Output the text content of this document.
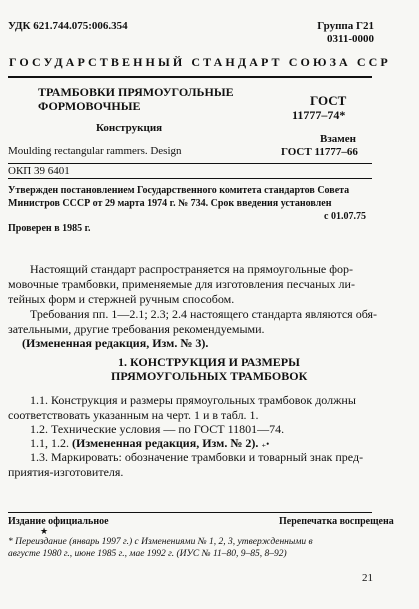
УДК 621.744.075:006.354	Группа Г21
0311-0000
ГОСУДАРСТВЕННЫЙ СТАНДАРТ СОЮЗА ССР
ТРАМБОВКИ ПРЯМОУГОЛЬНЫЕ
ФОРМОВОЧНЫЕ	ГОСТ
11777–74*
Конструкция
Взамен
ГОСТ 11777–66
Moulding rectangular rammers. Design
ОКП 39 6401
Утвержден постановлением Государственного комитета стандартов Совета
Министров СССР от 29 марта 1974 г. № 734. Срок введения установлен
с 01.07.75
Проверен в 1985 г.
Настоящий стандарт распространяется на прямоугольные фор-
мовочные трамбовки, применяемые для изготовления песчаных ли-
тейных форм и стержней ручным способом.
Требования пп. 1—2.1; 2.3; 2.4 настоящего стандарта являются обя-
зательными, другие требования рекомендуемыми.
(Измененная редакция, Изм. № 3).
1. КОНСТРУКЦИЯ И РАЗМЕРЫ
ПРЯМОУГОЛЬНЫХ ТРАМБОВОК
1.1. Конструкция и размеры прямоугольных трамбовок должны
соответствовать указанным на черт. 1 и в табл. 1.
1.2. Технические условия — по ГОСТ 11801—74.
1.1, 1.2. (Измененная редакция, Изм. № 2). ₊•
1.3. Маркировать: обозначение трамбовки и товарный знак пред-
приятия-изготовителя.
Издание официальное	Перепечатка воспрещена
★
* Переиздание (январь 1997 г.) с Изменениями № 1, 2, 3, утвержденными в
августе 1980 г., июне 1985 г., мае 1992 г. (ИУС № 11–80, 9–85, 8–92)
21
